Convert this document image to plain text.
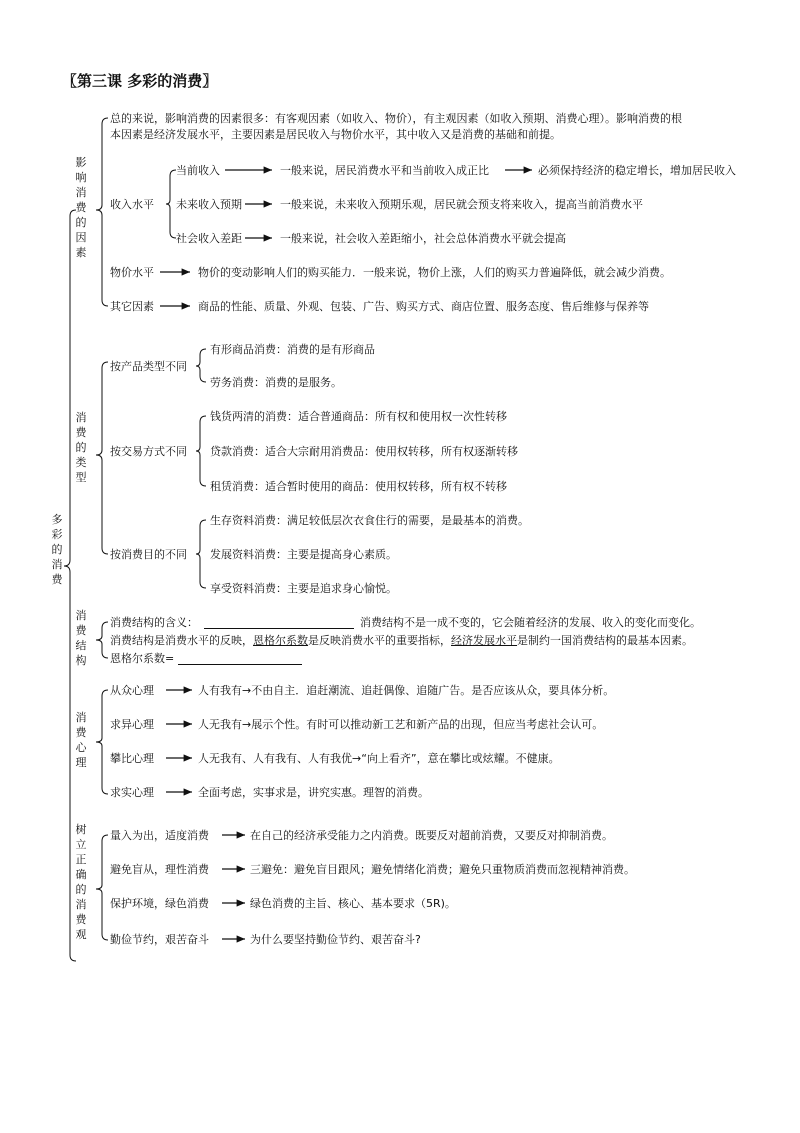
〖第三课 多彩的消费〗
多彩的消费
影响消费的因素
消费的类型
消费结构
消费心理
树立正确的消费观
总的来说，影响消费的因素很多：有客观因素（如收入、物价），有主观因素（如收入预期、消费心理）。影响消费的根
本因素是经济发展水平，主要因素是居民收入与物价水平，其中收入又是消费的基础和前提。
收入水平
当前收入	一般来说，居民消费水平和当前收入成正比	必须保持经济的稳定增长，增加居民收入
未来收入预期	一般来说，未来收入预期乐观，居民就会预支将来收入，提高当前消费水平
社会收入差距	一般来说，社会收入差距缩小，社会总体消费水平就会提高
物价水平	物价的变动影响人们的购买能力．一般来说，物价上涨，人们的购买力普遍降低，就会减少消费。
其它因素	商品的性能、质量、外观、包装、广告、购买方式、商店位置、服务态度、售后维修与保养等
按产品类型不同
有形商品消费：消费的是有形商品
劳务消费：消费的是服务。
按交易方式不同
钱货两清的消费：适合普通商品：所有权和使用权一次性转移
贷款消费：适合大宗耐用消费品：使用权转移，所有权逐渐转移
租赁消费：适合暂时使用的商品：使用权转移，所有权不转移
按消费目的不同
生存资料消费：满足较低层次衣食住行的需要，是最基本的消费。
发展资料消费：主要是提高身心素质。
享受资料消费：主要是追求身心愉悦。
消费结构的含义：	消费结构不是一成不变的，它会随着经济的发展、收入的变化而变化。
消费结构是消费水平的反映，恩格尔系数是反映消费水平的重要指标，经济发展水平是制约一国消费结构的最基本因素。
恩格尔系数=
从众心理	人有我有→不由自主．追赶潮流、追赶偶像、追随广告。是否应该从众，要具体分析。
求异心理	人无我有→展示个性。有时可以推动新工艺和新产品的出现，但应当考虑社会认可。
攀比心理	人无我有、人有我有、人有我优→“向上看齐”，意在攀比或炫耀。不健康。
求实心理	全面考虑，实事求是，讲究实惠。理智的消费。
量入为出，适度消费	在自己的经济承受能力之内消费。既要反对超前消费，又要反对抑制消费。
避免盲从，理性消费	三避免：避免盲目跟风；避免情绪化消费；避免只重物质消费而忽视精神消费。
保护环境，绿色消费	绿色消费的主旨、核心、基本要求（5R)。
勤俭节约，艰苦奋斗	为什么要坚持勤俭节约、艰苦奋斗?
